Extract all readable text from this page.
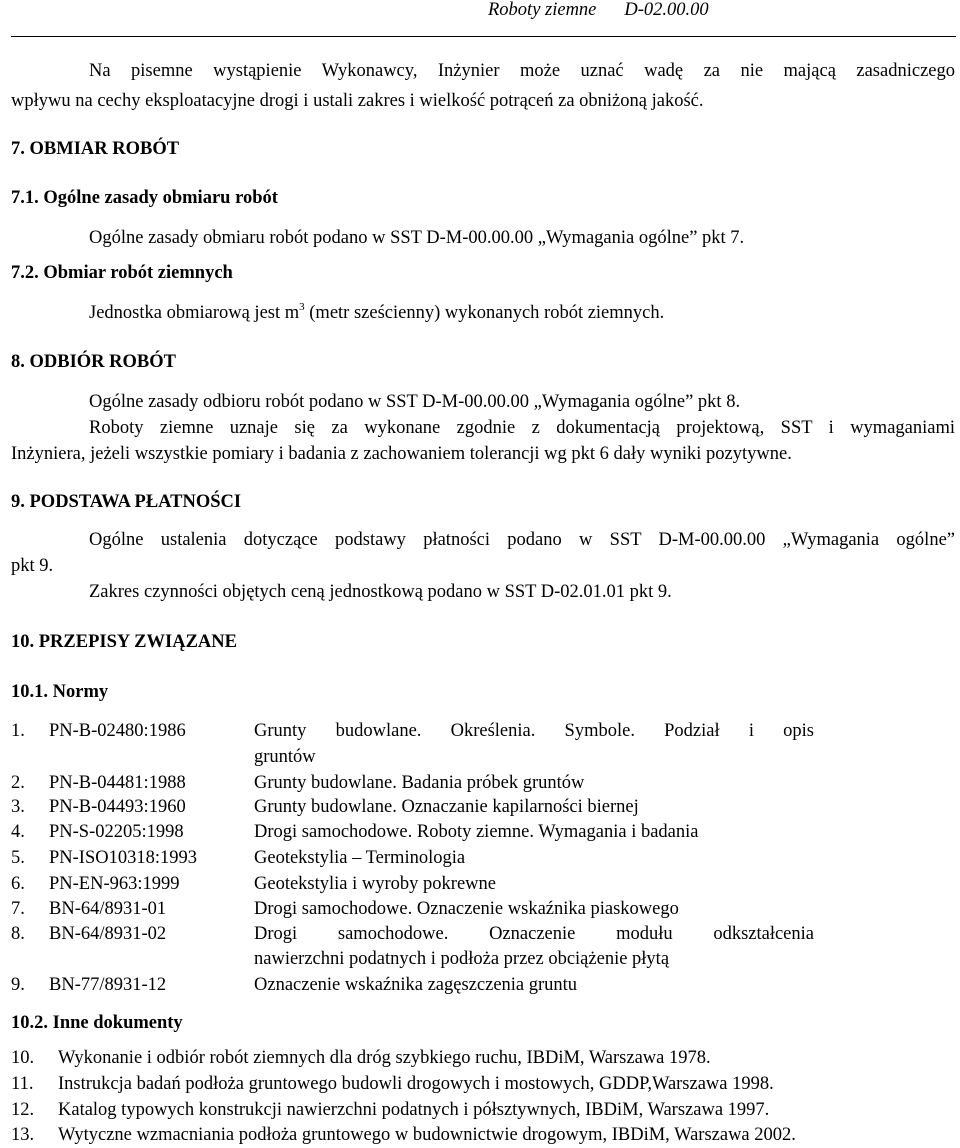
Roboty ziemne D-02.00.00
Na pisemne wystąpienie Wykonawcy, Inżynier może uznać wadę za nie mającą zasadniczego
wpływu na cechy eksploatacyjne drogi i ustali zakres i wielkość potrąceń za obniżoną jakość.
7. OBMIAR ROBÓT
7.1. Ogólne zasady obmiaru robót
Ogólne zasady obmiaru robót podano w SST D-M-00.00.00 „Wymagania ogólne” pkt 7.
7.2. Obmiar robót ziemnych
Jednostka obmiarową jest $m^3$ (metr sześcienny) wykonanych robót ziemnych.
8. ODBIÓR ROBÓT
Ogólne zasady odbioru robót podano w SST D-M-00.00.00 „Wymagania ogólne” pkt 8.
Roboty ziemne uznaje się za wykonane zgodnie z dokumentacją projektową, SST i wymaganiami
Inżyniera, jeżeli wszystkie pomiary i badania z zachowaniem tolerancji wg pkt 6 dały wyniki pozytywne.
9. PODSTAWA PŁATNOŚCI
Ogólne ustalenia dotyczące podstawy płatności podano w SST D-M-00.00.00 „Wymagania ogólne”
pkt 9.
Zakres czynności objętych ceną jednostkową podano w SST D-02.01.01 pkt 9.
10. PRZEPISY ZWIĄZANE
10.1. Normy
1. PN-B-02480:1986	Grunty budowlane. Określenia. Symbole. Podział i opis
gruntów
2. PN-B-04481:1988	Grunty budowlane. Badania próbek gruntów
3. PN-B-04493:1960	Grunty budowlane. Oznaczanie kapilarności biernej
4. PN-S-02205:1998	Drogi samochodowe. Roboty ziemne. Wymagania i badania
5. PN-ISO10318:1993	Geotekstylia – Terminologia
6. PN-EN-963:1999	Geotekstylia i wyroby pokrewne
7. BN-64/8931-01	Drogi samochodowe. Oznaczenie wskaźnika piaskowego
8. BN-64/8931-02	Drogi samochodowe. Oznaczenie modułu odkształcenia
nawierzchni podatnych i podłoża przez obciążenie płytą
9. BN-77/8931-12	Oznaczenie wskaźnika zagęszczenia gruntu
10.2. Inne dokumenty
10. Wykonanie i odbiór robót ziemnych dla dróg szybkiego ruchu, IBDiM, Warszawa 1978.
11. Instrukcja badań podłoża gruntowego budowli drogowych i mostowych, GDDP,Warszawa 1998.
12. Katalog typowych konstrukcji nawierzchni podatnych i półsztywnych, IBDiM, Warszawa 1997.
13. Wytyczne wzmacniania podłoża gruntowego w budownictwie drogowym, IBDiM, Warszawa 2002.
